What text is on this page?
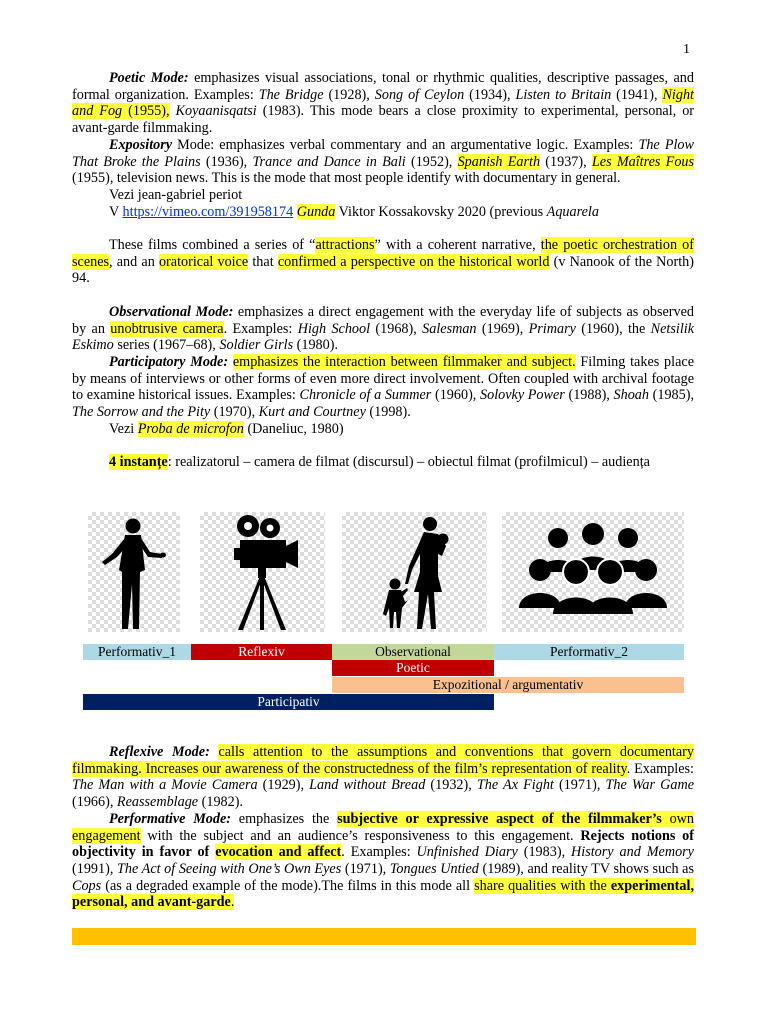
1

Poetic Mode: emphasizes visual associations, tonal or rhythmic qualities, descriptive passages, and formal organization. Examples: The Bridge (1928), Song of Ceylon (1934), Listen to Britain (1941), Night and Fog (1955), Koyaanisqatsi (1983). This mode bears a close proximity to experimental, personal, or avant-garde filmmaking.

Expository Mode: emphasizes verbal commentary and an argumentative logic. Examples: The Plow That Broke the Plains (1936), Trance and Dance in Bali (1952), Spanish Earth (1937), Les Maîtres Fous (1955), television news. This is the mode that most people identify with documentary in general.

Vezi jean-gabriel periot

V https://vimeo.com/391958174 Gunda Viktor Kossakovsky 2020 (previous Aquarela

These films combined a series of “attractions” with a coherent narrative, the poetic orchestration of scenes, and an oratorical voice that confirmed a perspective on the historical world (v Nanook of the North) 94.

Observational Mode: emphasizes a direct engagement with the everyday life of subjects as observed by an unobtrusive camera. Examples: High School (1968), Salesman (1969), Primary (1960), the Netsilik Eskimo series (1967–68), Soldier Girls (1980).

Participatory Mode: emphasizes the interaction between filmmaker and subject. Filming takes place by means of interviews or other forms of even more direct involvement. Often coupled with archival footage to examine historical issues. Examples: Chronicle of a Summer (1960), Solovky Power (1988), Shoah (1985), The Sorrow and the Pity (1970), Kurt and Courtney (1998).

Vezi Proba de microfon (Daneliuc, 1980)

4 instanțe: realizatorul – camera de filmat (discursul) – obiectul filmat (profilmicul) – audiența

Performativ_1	Reflexiv	Observational	Performativ_2
Poetic
Expozitional / argumentativ
Participativ

Reflexive Mode: calls attention to the assumptions and conventions that govern documentary filmmaking. Increases our awareness of the constructedness of the film’s representation of reality. Examples: The Man with a Movie Camera (1929), Land without Bread (1932), The Ax Fight (1971), The War Game (1966), Reassemblage (1982).

Performative Mode: emphasizes the subjective or expressive aspect of the filmmaker’s own engagement with the subject and an audience’s responsiveness to this engagement. Rejects notions of objectivity in favor of evocation and affect. Examples: Unfinished Diary (1983), History and Memory (1991), The Act of Seeing with One’s Own Eyes (1971), Tongues Untied (1989), and reality TV shows such as Cops (as a degraded example of the mode).The films in this mode all share qualities with the experimental, personal, and avant-garde.
